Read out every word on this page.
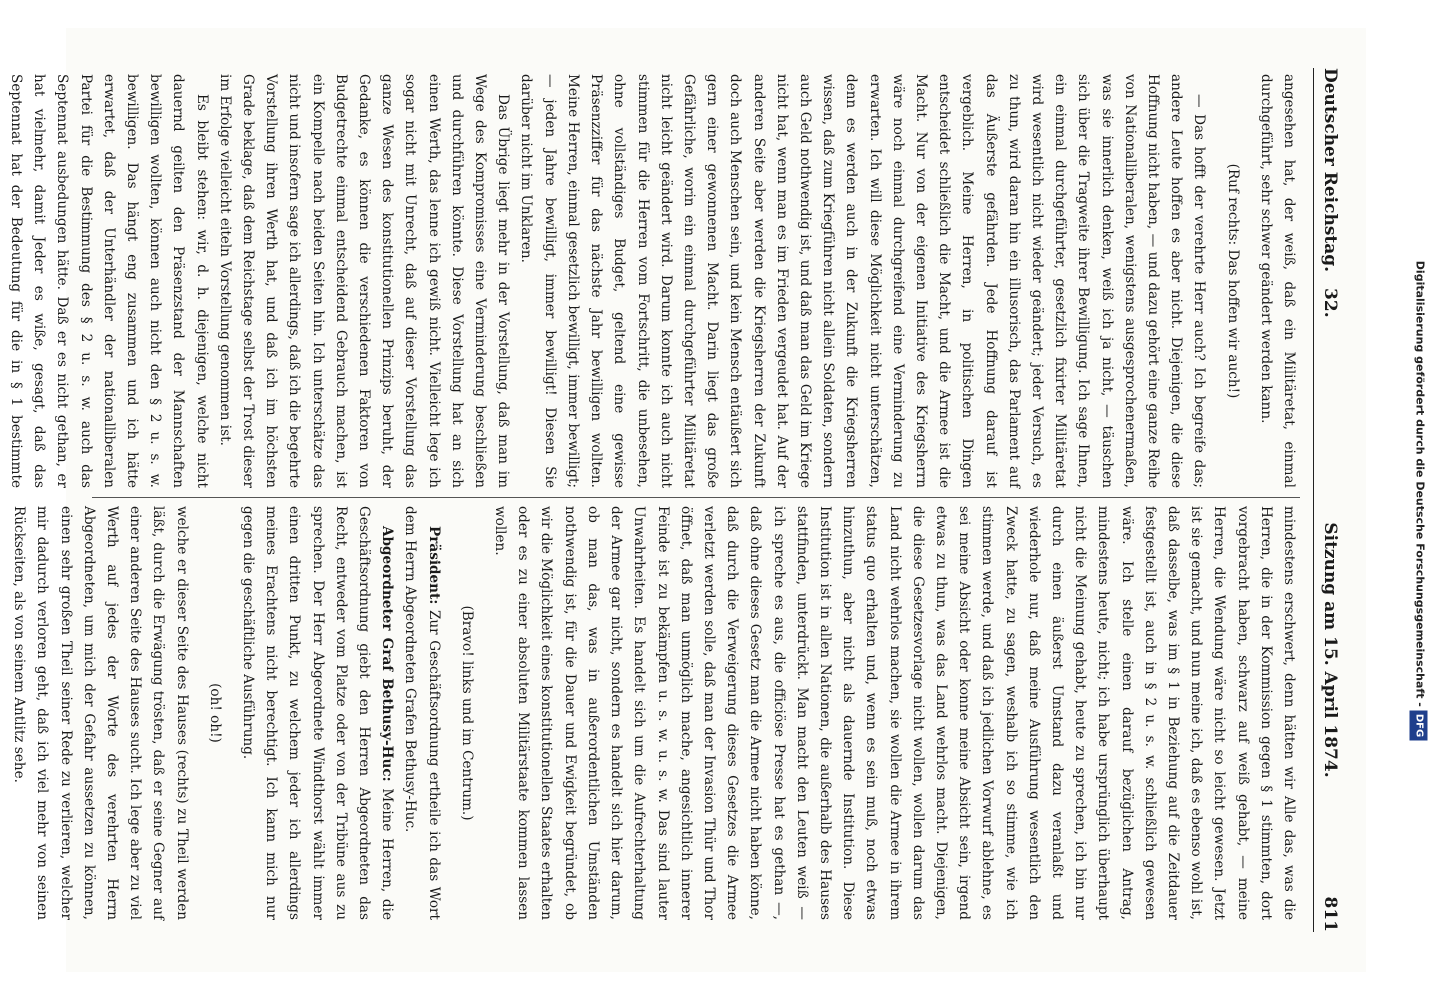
Deutscher Reichstag. 32.
Sitzung am 15. April 1874.
811

angesehen hat, der weiß, daß ein Militäretat, einmal durchgeführt, sehr schwer geändert werden kann.

(Ruf rechts: Das hoffen wir auch!)

— Das hofft der verehrte Herr auch? Ich begreife das; andere Leute hoffen es aber nicht. Diejenigen, die diese Hoffnung nicht haben, — und dazu gehört eine ganze Reihe von Nationalliberalen, wenigstens ausgesprochenermaßen, was sie innerlich denken, weiß ich ja nicht, — täuschen sich über die Tragweite ihrer Bewilligung. Ich sage Ihnen, ein einmal durchgeführter, gesetzlich fixirter Militäretat wird wesentlich nicht wieder geändert; jeder Versuch, es zu thun, wird daran hin ein illusorisch, das Parlament auf das Äußerste gefährden. Jede Hoffnung darauf ist vergeblich. Meine Herren, in politischen Dingen entscheidet schließlich die Macht, und die Armee ist die Macht. Nur von der eigenen Initiative des Kriegsherrn wäre noch einmal durchgreifend eine Verminderung zu erwarten. Ich will diese Möglichkeit nicht unterschätzen, denn es werden auch in der Zukunft die Kriegsherren wissen, daß zum Kriegführen nicht allein Soldaten, sondern auch Geld nothwendig ist, und daß man das Geld im Kriege nicht hat, wenn man es im Frieden vergeudet hat. Auf der anderen Seite aber werden die Kriegsherren der Zukunft doch auch Menschen sein, und kein Mensch entäußert sich gern einer gewonnenen Macht. Darin liegt das große Gefährliche, worin ein einmal durchgeführter Militäretat nicht leicht geändert wird. Darum konnte ich auch nicht stimmen für die Herren vom Fortschritt, die unbesehen, ohne vollständiges Budget, geltend eine gewisse Präsenzziffer für das nächste Jahr bewilligen wollten. Meine Herren, einmal gesetzlich bewilligt, immer bewilligt; — jeden Jahre bewilligt, immer bewilligt! Diesen Sie darüber nicht im Unklaren.

Das Übrige liegt mehr in der Vorstellung, daß man im Wege des Kompromisses eine Verminderung beschließen und durchführen könnte. Diese Vorstellung hat an sich einen Werth, das lenne ich gewiß nicht. Vielleicht lege ich sogar nicht mit Unrecht, daß auf dieser Vorstellung das ganze Wesen des konstitutionellen Prinzips beruht, der Gedanke, es können die verschiedenen Faktoren von Budgetrechte einmal entscheidend Gebrauch machen, ist ein Kompelle nach beiden Seiten hin. Ich unterschätze das nicht und insofern sage ich allerdings, daß ich die begehrte Vorstellung ihren Werth hat, und daß ich im höchsten Grade beklage, daß dem Reichstage selbst der Trost dieser im Erfolge vielleicht eiteln Vorstellung genommen ist.

Es bleibt stehen: wir, d. h. diejenigen, welche nicht dauernd geilten den Präsenzstand der Mannschaften bewilligen wollten, können auch nicht den § 2 u. s. w. bewilligen. Das hängt eng zusammen und ich hätte erwartet, daß der Unterhändler der nationalliberalen Partei für die Bestimmung des § 2 u. s. w. auch das Septennat ausbedungen hätte. Daß er es nicht gethan, er hat vielmehr, damit Jeder es wiße, gesagt, daß das Septennat hat der Bedeutung für die in § 1 bestimmte

mindestens erschwert, denn hätten wir Alle das, was die Herren, die in der Kommission gegen § 1 stimmten, dort vorgebracht haben, schwarz auf weiß gehabt, — meine Herren, die Wendung wäre nicht so leicht gewesen. Jetzt ist sie gemacht, und nun meine ich, daß es ebenso wohl ist, daß dasselbe, was im § 1 in Beziehung auf die Zeitdauer festgestellt ist, auch in § 2 u. s. w. schließlich gewesen wäre. Ich stelle einen darauf bezüglichen Antrag, mindestens heute, nicht; ich habe ursprünglich überhaupt nicht die Meinung gehabt, heute zu sprechen, ich bin nur durch einen äußerst Umstand dazu veranlaßt und wiederhole nur, daß meine Ausführung wesentlich den Zweck hatte, zu sagen, weshalb ich so stimme, wie ich stimmen werde, und daß ich jedlichen Vorwurf ablehne, es sei meine Absicht oder konne meine Absicht sein, irgend etwas zu thun, was das Land wehrlos macht. Diejenigen, die diese Gesetzesvorlage nicht wollen, wollen darum das Land nicht wehrlos machen, sie wollen die Armee in ihrem status quo erhalten und, wenn es sein muß, noch etwas hinzuthun, aber nicht als dauernde Institution. Diese Institution ist in allen Nationen, die außerhalb des Hauses stattfinden, unterdrückt. Man macht den Leuten weiß — ich spreche es aus, die officiöse Presse hat es gethan —, daß ohne dieses Gesetz man die Armee nicht haben könne, daß durch die Verweigerung dieses Gesetzes die Armee verletzt werden solle, daß man der Invasion Thür und Thor öffnet, daß man unmöglich mache, angesichtlich innerer Feinde ist zu bekämpfen u. s. w. u. s. w. Das sind lauter Unwahrheiten. Es handelt sich um die Aufrechterhaltung der Armee gar nicht, sondern es handelt sich hier darum, ob man das, was in außerordentlichen Umständen nothwendig ist, für die Dauer und Ewigkeit begründet, ob wir die Möglichkeit eines konstitutionellen Staates erhalten oder es zu einer absoluten Militärstaate kommen lassen wollen.

(Bravo! links und im Centrum.)

Präsident: Zur Geschäftsordnung ertheile ich das Wort dem Herrn Abgeordneten Grafen Bethusy-Huc.

Abgeordneter Graf Bethusy-Huc: Meine Herren, die Geschäftsordnung giebt den Herren Abgeordneten das Recht, entweder vom Platze oder von der Tribüne aus zu sprechen. Der Herr Abgeordnete Windthorst wählt immer einen dritten Punkt, zu welchem jeder ich allerdings meines Erachtens nicht berechtigt. Ich kann mich nur gegen die geschäftliche Ausführung.

(oh! oh!)

welche er dieser Seite des Hauses (rechts) zu Theil werden läßt, durch die Erwägung trösten, daß er seine Gegner auf einer anderen Seite des Hauses sucht. Ich lege aber zu viel Werth auf jedes der Worte des verehrten Herrn Abgeordneten, um mich der Gefahr aussetzen zu können, einen sehr großen Theil seiner Rede zu verlieren, welcher mir dadurch verloren geht, daß ich viel mehr von seinen Rückseiten, als von seinem Antlitz sehe.	Digitalisierung gefördert durch die Deutsche Forschungsgemeinschaft -DFG
